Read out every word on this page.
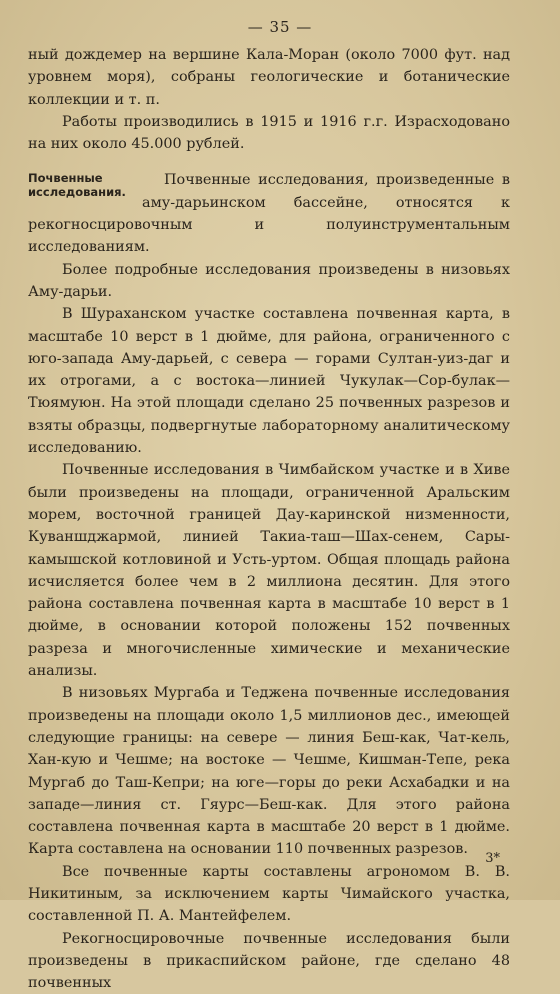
— 35 —

ный дождемер на вершине Кала-Моран (около 7000 фут. над уровнем моря), собраны геологические и ботанические коллекции и т. п.

Работы производились в 1915 и 1916 г.г. Израсходовано на них около 45.000 рублей.

Почвенные исследования.

Почвенные исследования, произведенные в аму-дарьинском бассейне, относятся к рекогносцировочным и полуинструментальным исследованиям.

Более подробные исследования произведены в низовьях Аму-дарьи.

В Шураханском участке составлена почвенная карта, в масштабе 10 верст в 1 дюйме, для района, ограниченного с юго-запада Аму-дарьей, с севера — горами Султан-уиз-даг и их отрогами, а с востока—линией Чукулак—Сор-булак—Тюямуюн. На этой площади сделано 25 почвенных разрезов и взяты образцы, подвергнутые лабораторному аналитическому исследованию.

Почвенные исследования в Чимбайском участке и в Хиве были произведены на площади, ограниченной Аральским морем, восточной границей Дау-каринской низменности, Куваншджармой, линией Такиа-таш—Шах-сенем, Сары-камышской котловиной и Усть-уртом. Общая площадь района исчисляется более чем в 2 миллиона десятин. Для этого района составлена почвенная карта в масштабе 10 верст в 1 дюйме, в основании которой положены 152 почвенных разреза и многочисленные химические и механические анализы.

В низовьях Мургаба и Теджена почвенные исследования произведены на площади около 1,5 миллионов дес., имеющей следующие границы: на севере — линия Беш-как, Чат-кель, Хан-кую и Чешме; на востоке — Чешме, Кишман-Тепе, река Мургаб до Таш-Кепри; на юге—горы до реки Асхабадки и на западе—линия ст. Гяурс—Беш-как. Для этого района составлена почвенная карта в масштабе 20 верст в 1 дюйме. Карта составлена на основании 110 почвенных разрезов.

Все почвенные карты составлены агрономом В. В. Никитиным, за исключением карты Чимайского участка, составленной П. А. Мантейфелем.

Рекогносцировочные почвенные исследования были произведены в прикаспийском районе, где сделано 48 почвенных

3*
